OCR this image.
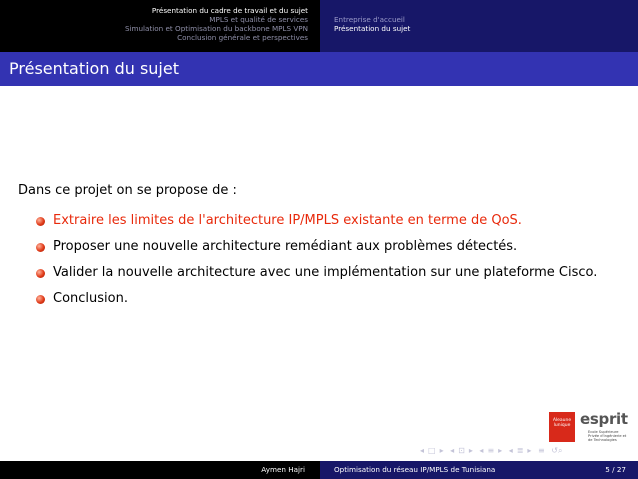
Présentation du cadre de travail et du sujet
MPLS et qualité de services
Simulation et Optimisation du backbone MPLS VPN
Conclusion générale et perspectives
Entreprise d'accueil
Présentation du sujet
Présentation du sujet
Dans ce projet on se propose de :
Extraire les limites de l'architecture IP/MPLS existante en terme de QoS.
Proposer une nouvelle architecture remédiant aux problèmes détectés.
Valider la nouvelle architecture avec une implémentation sur une plateforme Cisco.
Conclusion.
Aleaune lunique esprit
Ecole Supérieure Privée d'Ingénierie et de Technologies
◂ □ ▸ ◂ ⊡ ▸ ◂ ≡ ▸ ◂ ≣ ▸ ≡ ↺⌕
Aymen Hajri	Optimisation du réseau IP/MPLS de Tunisiana	5 / 27
